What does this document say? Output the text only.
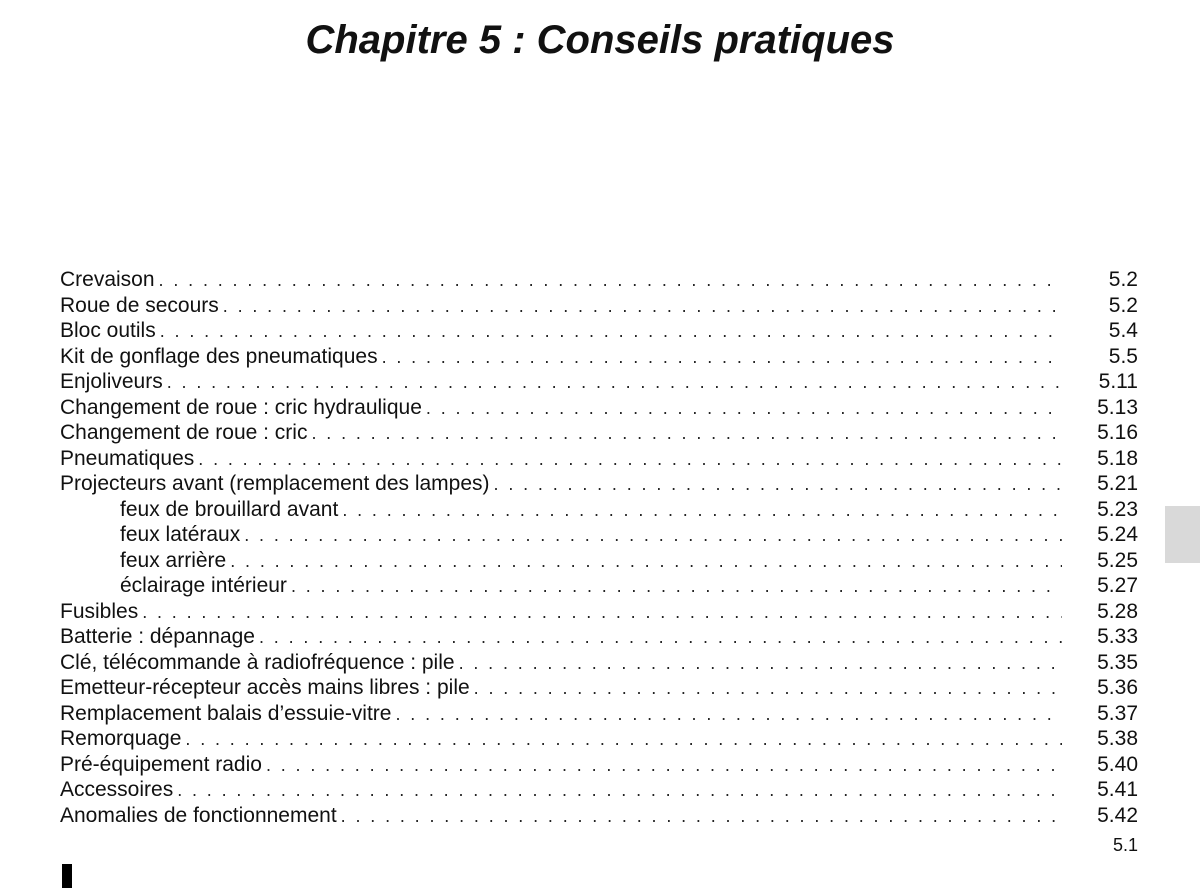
Chapitre 5 : Conseils pratiques
Crevaison . . .	5.2
Roue de secours . . .	5.2
Bloc outils . . .	5.4
Kit de gonflage des pneumatiques . . .	5.5
Enjoliveurs . . .	5.11
Changement de roue : cric hydraulique . . .	5.13
Changement de roue : cric . . .	5.16
Pneumatiques . . .	5.18
Projecteurs avant (remplacement des lampes) . . .	5.21
feux de brouillard avant . . .	5.23
feux latéraux . . .	5.24
feux arrière . . .	5.25
éclairage intérieur . . .	5.27
Fusibles . . .	5.28
Batterie : dépannage . . .	5.33
Clé, télécommande à radiofréquence : pile . . .	5.35
Emetteur-récepteur accès mains libres : pile . . .	5.36
Remplacement balais d’essuie-vitre . . .	5.37
Remorquage . . .	5.38
Pré-équipement radio . . .	5.40
Accessoires . . .	5.41
Anomalies de fonctionnement . . .	5.42
5.1
